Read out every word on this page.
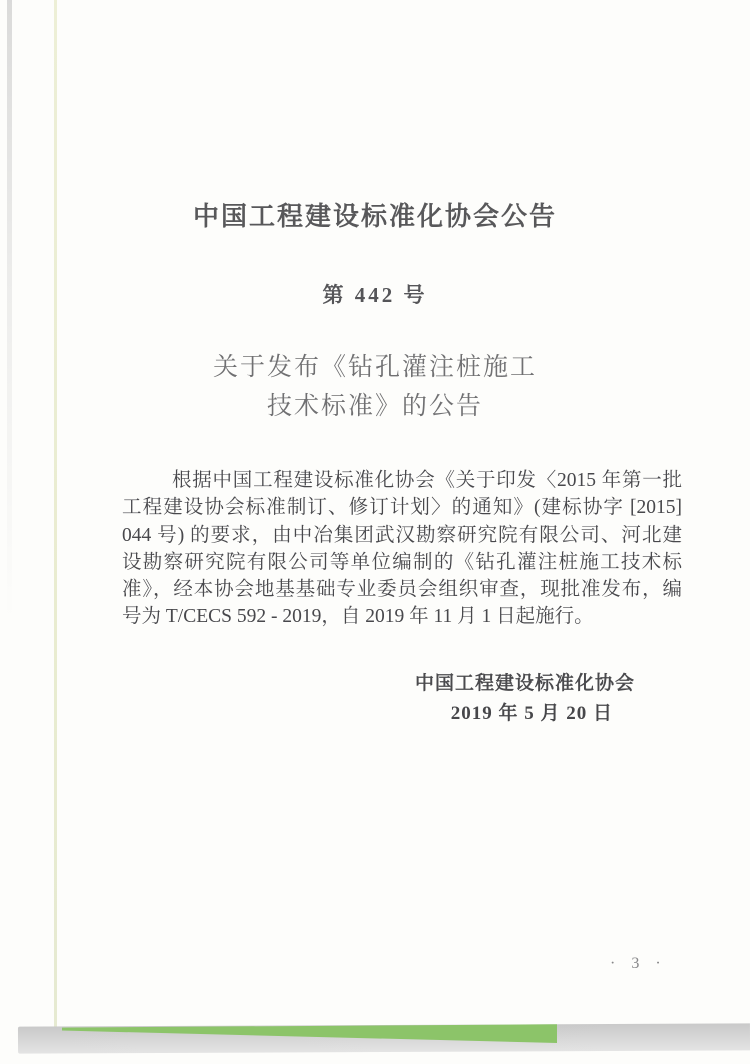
中国工程建设标准化协会公告
第 442 号
关于发布《钻孔灌注桩施工
技术标准》的公告
根据中国工程建设标准化协会《关于印发〈2015 年第一批
工程建设协会标准制订、修订计划〉的通知》(建标协字 [2015]
044 号) 的要求，由中冶集团武汉勘察研究院有限公司、河北建
设勘察研究院有限公司等单位编制的《钻孔灌注桩施工技术标
准》，经本协会地基基础专业委员会组织审查，现批准发布，编
号为 T/CECS 592 - 2019，自 2019 年 11 月 1 日起施行。
中国工程建设标准化协会
2019 年 5 月 20 日
· 3 ·
